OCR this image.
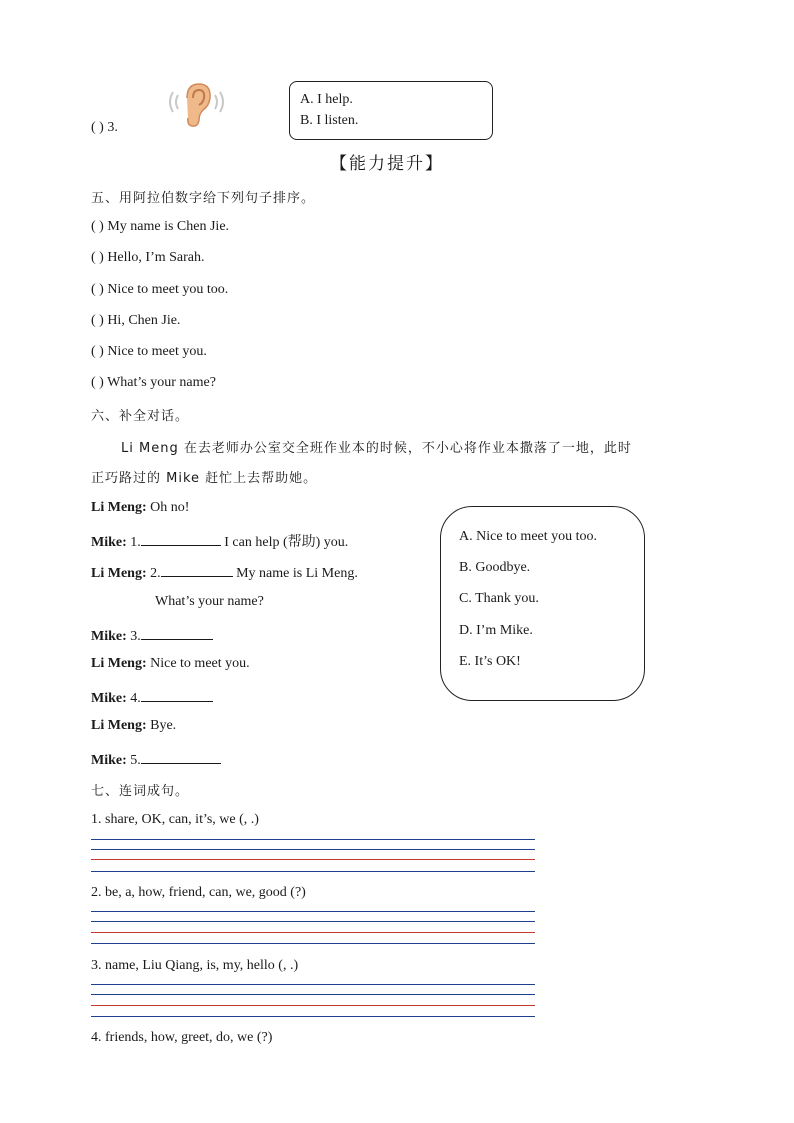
( ) 3.
A. I help.
B. I listen.
【能力提升】
五、用阿拉伯数字给下列句子排序。
( ) My name is Chen Jie.
( ) Hello, I’m Sarah.
( ) Nice to meet you too.
( ) Hi, Chen Jie.
( ) Nice to meet you.
( ) What’s your name?
六、补全对话。
Li Meng 在去老师办公室交全班作业本的时候，不小心将作业本撒落了一地，此时
正巧路过的 Mike 赶忙上去帮助她。
Li Meng: Oh no!
Mike: 1.	I can help (帮助) you.
Li Meng: 2.	My name is Li Meng.
What’s your name?
Mike: 3.
Li Meng: Nice to meet you.
Mike: 4.
Li Meng: Bye.
Mike: 5.
A. Nice to meet you too.
B. Goodbye.
C. Thank you.
D. I’m Mike.
E. It’s OK!
七、连词成句。
1. share, OK, can, it’s, we (, .)
2. be, a, how, friend, can, we, good (?)
3. name, Liu Qiang, is, my, hello (, .)
4. friends, how, greet, do, we (?)
